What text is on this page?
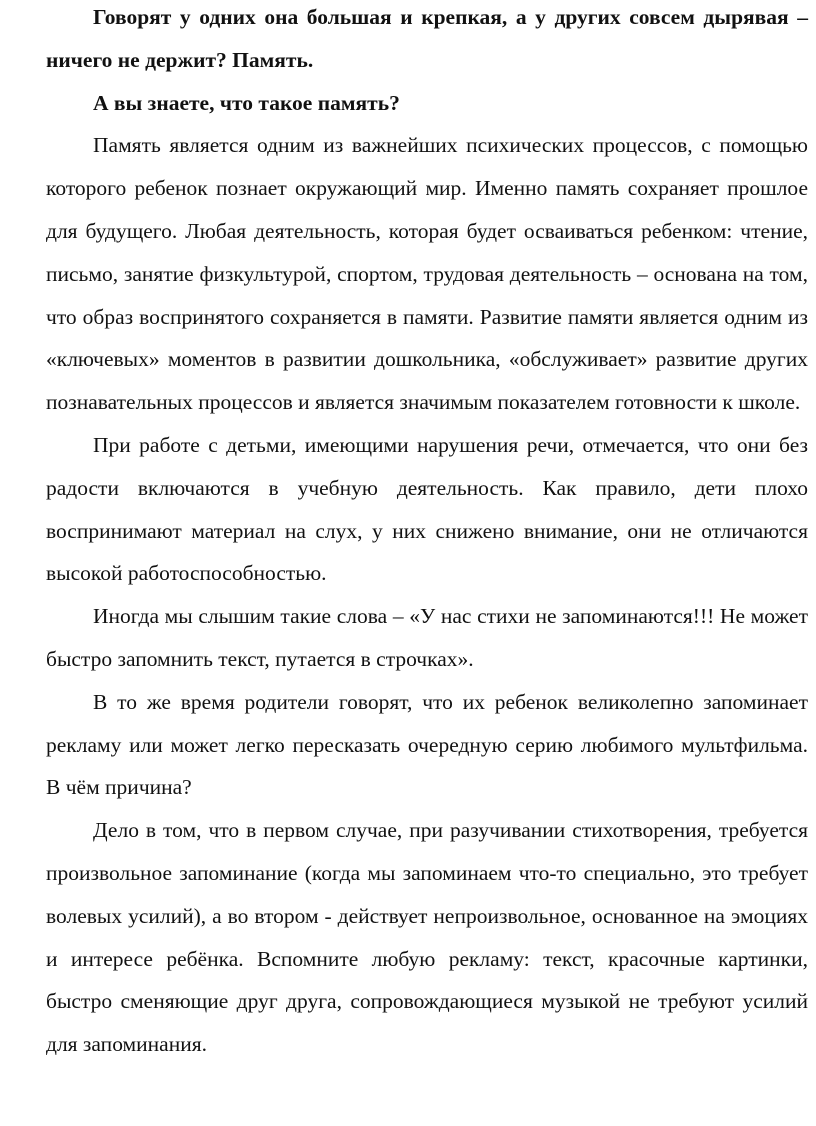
Говорят у одних она большая и крепкая, а у других совсем дырявая – ничего не держит? Память.

А вы знаете, что такое память?

Память является одним из важнейших психических процессов, с помощью которого ребенок познает окружающий мир. Именно память сохраняет прошлое для будущего. Любая деятельность, которая будет осваиваться ребенком: чтение, письмо, занятие физкультурой, спортом, трудовая деятельность – основана на том, что образ воспринятого сохраняется в памяти. Развитие памяти является одним из «ключевых» моментов в развитии дошкольника, «обслуживает» развитие других познавательных процессов и является значимым показателем готовности к школе.

При работе с детьми, имеющими нарушения речи, отмечается, что они без радости включаются в учебную деятельность. Как правило, дети плохо воспринимают материал на слух, у них снижено внимание, они не отличаются высокой работоспособностью.

Иногда мы слышим такие слова – «У нас стихи не запоминаются!!! Не может быстро запомнить текст, путается в строчках».

В то же время родители говорят, что их ребенок великолепно запоминает рекламу или может легко пересказать очередную серию любимого мультфильма. В чём причина?

Дело в том, что в первом случае, при разучивании стихотворения, требуется произвольное запоминание (когда мы запоминаем что-то специально, это требует волевых усилий), а во втором - действует непроизвольное, основанное на эмоциях и интересе ребёнка. Вспомните любую рекламу: текст, красочные картинки, быстро сменяющие друг друга, сопровождающиеся музыкой не требуют усилий для запоминания.
